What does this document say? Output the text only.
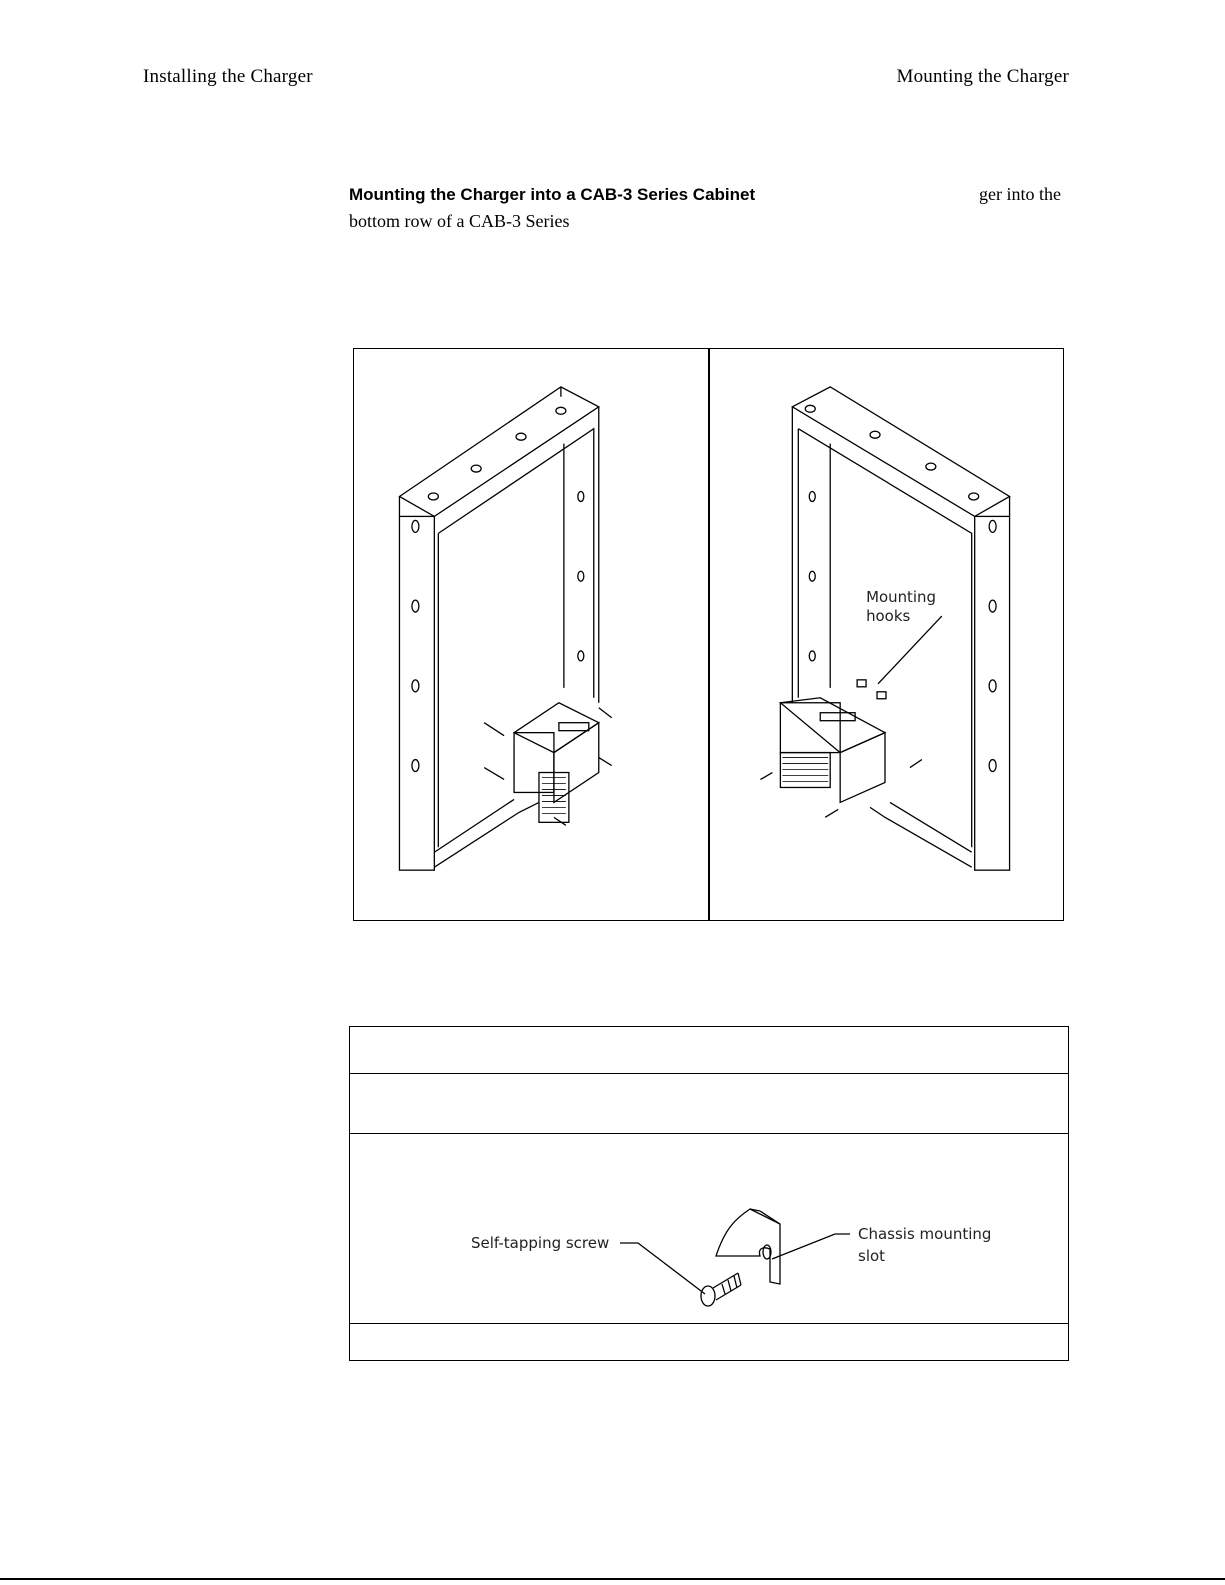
Installing the Charger	Mounting the Charger
Mounting the Charger into a CAB-3 Series Cabinet	ger into the

bottom row of a CAB-3 Series
Mounting
hooks
Self-tapping screw	Chassis mounting
slot
